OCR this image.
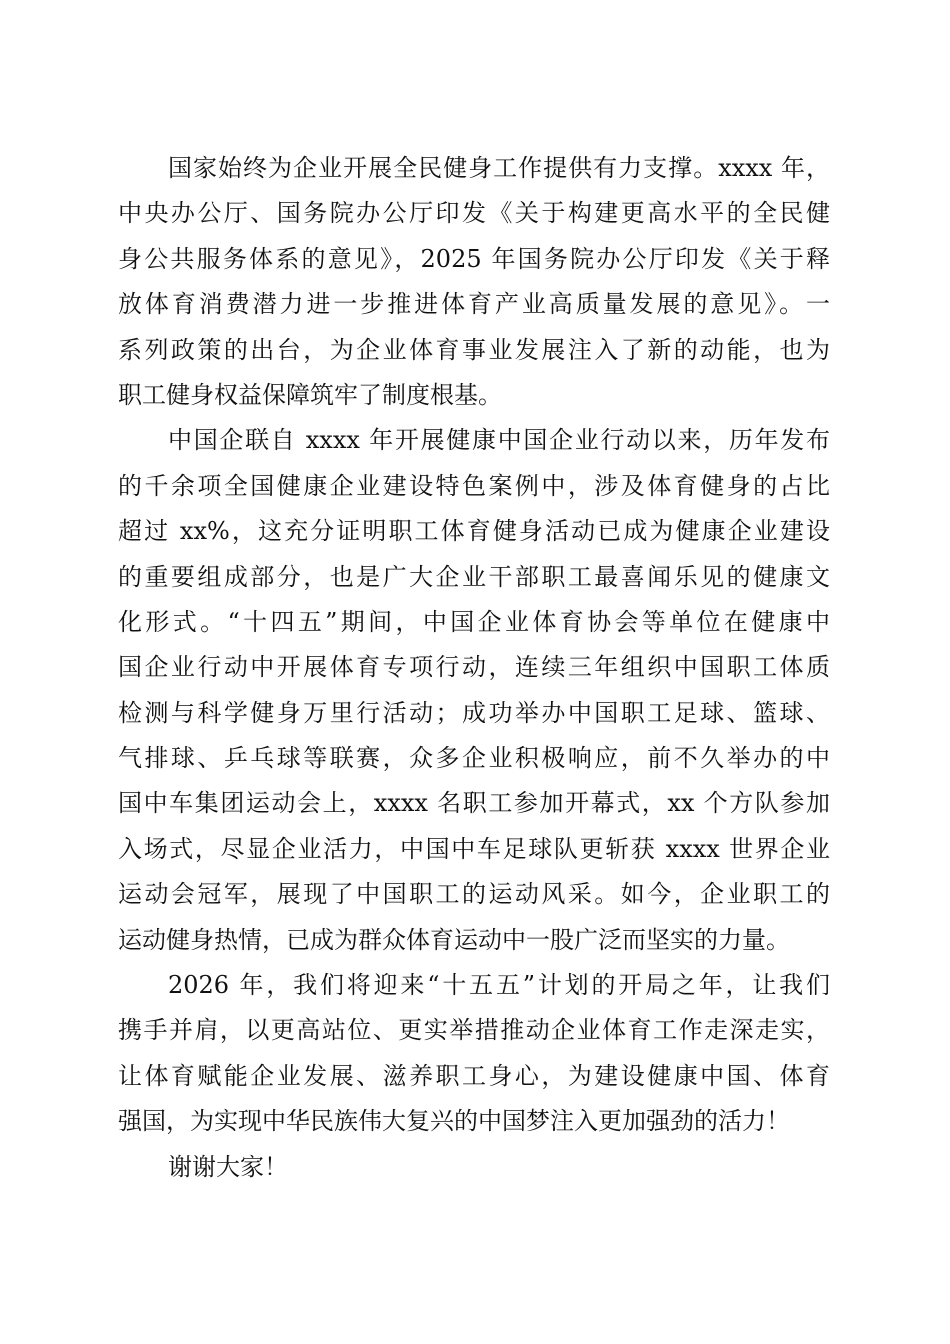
国家始终为企业开展全民健身工作提供有力支撑。xxxx 年，
中央办公厅、国务院办公厅印发《关于构建更高水平的全民健
身公共服务体系的意见》，2025 年国务院办公厅印发《关于释
放体育消费潜力进一步推进体育产业高质量发展的意见》。一
系列政策的出台，为企业体育事业发展注入了新的动能，也为
职工健身权益保障筑牢了制度根基。
中国企联自 xxxx 年开展健康中国企业行动以来，历年发布
的千余项全国健康企业建设特色案例中，涉及体育健身的占比
超过 xx%，这充分证明职工体育健身活动已成为健康企业建设
的重要组成部分，也是广大企业干部职工最喜闻乐见的健康文
化形式。“十四五”期间，中国企业体育协会等单位在健康中
国企业行动中开展体育专项行动，连续三年组织中国职工体质
检测与科学健身万里行活动；成功举办中国职工足球、篮球、
气排球、乒乓球等联赛，众多企业积极响应，前不久举办的中
国中车集团运动会上，xxxx 名职工参加开幕式，xx 个方队参加
入场式，尽显企业活力，中国中车足球队更斩获 xxxx 世界企业
运动会冠军，展现了中国职工的运动风采。如今，企业职工的
运动健身热情，已成为群众体育运动中一股广泛而坚实的力量。
2026 年，我们将迎来“十五五”计划的开局之年，让我们
携手并肩，以更高站位、更实举措推动企业体育工作走深走实，
让体育赋能企业发展、滋养职工身心，为建设健康中国、体育
强国，为实现中华民族伟大复兴的中国梦注入更加强劲的活力！
谢谢大家！
